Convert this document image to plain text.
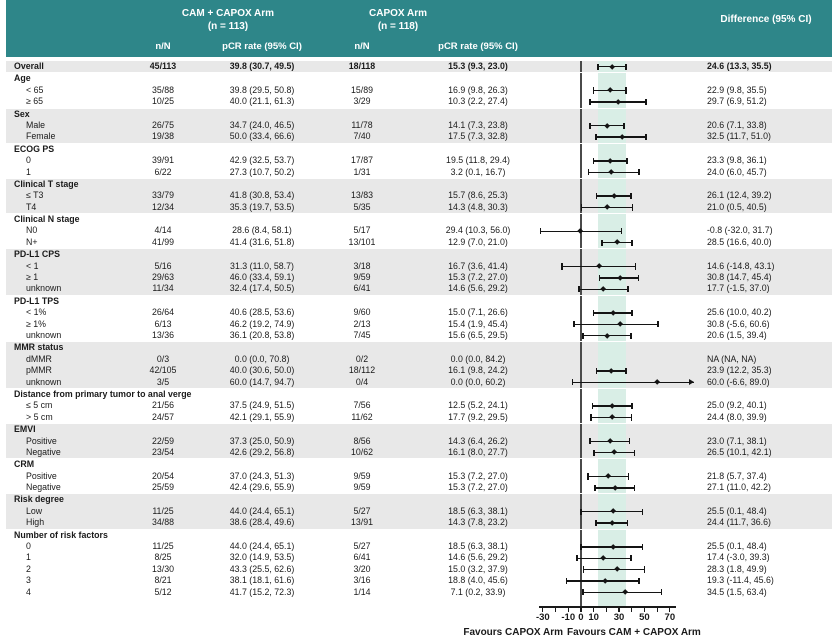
CAM + CAPOX Arm
(n = 113)
CAPOX Arm
(n = 118)
n/N	pCR rate (95% CI)	n/N	pCR rate (95% CI)
Difference (95% CI)
Overall	45/113	39.8 (30.7, 49.5)	18/118	15.3 (9.3, 23.0)	24.6 (13.3, 35.5)
Age
< 65	35/88	39.8 (29.5, 50.8)	15/89	16.9 (9.8, 26.3)	22.9 (9.8, 35.5)
≥ 65	10/25	40.0 (21.1, 61.3)	3/29	10.3 (2.2, 27.4)	29.7 (6.9, 51.2)
Sex
Male	26/75	34.7 (24.0, 46.5)	11/78	14.1 (7.3, 23.8)	20.6 (7.1, 33.8)
Female	19/38	50.0 (33.4, 66.6)	7/40	17.5 (7.3, 32.8)	32.5 (11.7, 51.0)
ECOG PS
0	39/91	42.9 (32.5, 53.7)	17/87	19.5 (11.8, 29.4)	23.3 (9.8, 36.1)
1	6/22	27.3 (10.7, 50.2)	1/31	3.2 (0.1, 16.7)	24.0 (6.0, 45.7)
Clinical T stage
≤ T3	33/79	41.8 (30.8, 53.4)	13/83	15.7 (8.6, 25.3)	26.1 (12.4, 39.2)
T4	12/34	35.3 (19.7, 53.5)	5/35	14.3 (4.8, 30.3)	21.0 (0.5, 40.5)
Clinical N stage
N0	4/14	28.6 (8.4, 58.1)	5/17	29.4 (10.3, 56.0)	-0.8 (-32.0, 31.7)
N+	41/99	41.4 (31.6, 51.8)	13/101	12.9 (7.0, 21.0)	28.5 (16.6, 40.0)
PD-L1 CPS
< 1	5/16	31.3 (11.0, 58.7)	3/18	16.7 (3.6, 41.4)	14.6 (-14.8, 43.1)
≥ 1	29/63	46.0 (33.4, 59.1)	9/59	15.3 (7.2, 27.0)	30.8 (14.7, 45.4)
unknown	11/34	32.4 (17.4, 50.5)	6/41	14.6 (5.6, 29.2)	17.7 (-1.5, 37.0)
PD-L1 TPS
< 1%	26/64	40.6 (28.5, 53.6)	9/60	15.0 (7.1, 26.6)	25.6 (10.0, 40.2)
≥ 1%	6/13	46.2 (19.2, 74.9)	2/13	15.4 (1.9, 45.4)	30.8 (-5.6, 60.6)
unknown	13/36	36.1 (20.8, 53.8)	7/45	15.6 (6.5, 29.5)	20.6 (1.5, 39.4)
MMR status
dMMR	0/3	0.0 (0.0, 70.8)	0/2	0.0 (0.0, 84.2)	NA (NA, NA)
pMMR	42/105	40.0 (30.6, 50.0)	18/112	16.1 (9.8, 24.2)	23.9 (12.2, 35.3)
unknown	3/5	60.0 (14.7, 94.7)	0/4	0.0 (0.0, 60.2)	60.0 (-6.6, 89.0)
Distance from primary tumor to anal verge
≤ 5 cm	21/56	37.5 (24.9, 51.5)	7/56	12.5 (5.2, 24.1)	25.0 (9.2, 40.1)
> 5 cm	24/57	42.1 (29.1, 55.9)	11/62	17.7 (9.2, 29.5)	24.4 (8.0, 39.9)
EMVI
Positive	22/59	37.3 (25.0, 50.9)	8/56	14.3 (6.4, 26.2)	23.0 (7.1, 38.1)
Negative	23/54	42.6 (29.2, 56.8)	10/62	16.1 (8.0, 27.7)	26.5 (10.1, 42.1)
CRM
Positive	20/54	37.0 (24.3, 51.3)	9/59	15.3 (7.2, 27.0)	21.8 (5.7, 37.4)
Negative	25/59	42.4 (29.6, 55.9)	9/59	15.3 (7.2, 27.0)	27.1 (11.0, 42.2)
Risk degree
Low	11/25	44.0 (24.4, 65.1)	5/27	18.5 (6.3, 38.1)	25.5 (0.1, 48.4)
High	34/88	38.6 (28.4, 49.6)	13/91	14.3 (7.8, 23.2)	24.4 (11.7, 36.6)
Number of risk factors
0	11/25	44.0 (24.4, 65.1)	5/27	18.5 (6.3, 38.1)	25.5 (0.1, 48.4)
1	8/25	32.0 (14.9, 53.5)	6/41	14.6 (5.6, 29.2)	17.4 (-3.0, 39.3)
2	13/30	43.3 (25.5, 62.6)	3/20	15.0 (3.2, 37.9)	28.3 (1.8, 49.9)
3	8/21	38.1 (18.1, 61.6)	3/16	18.8 (4.0, 45.6)	19.3 (-11.4, 45.6)
4	5/12	41.7 (15.2, 72.3)	1/14	7.1 (0.2, 33.9)	34.5 (1.5, 63.4)
Favours CAPOX Arm Favours CAM + CAPOX Arm
-30 -10 0 10 30 50 70
